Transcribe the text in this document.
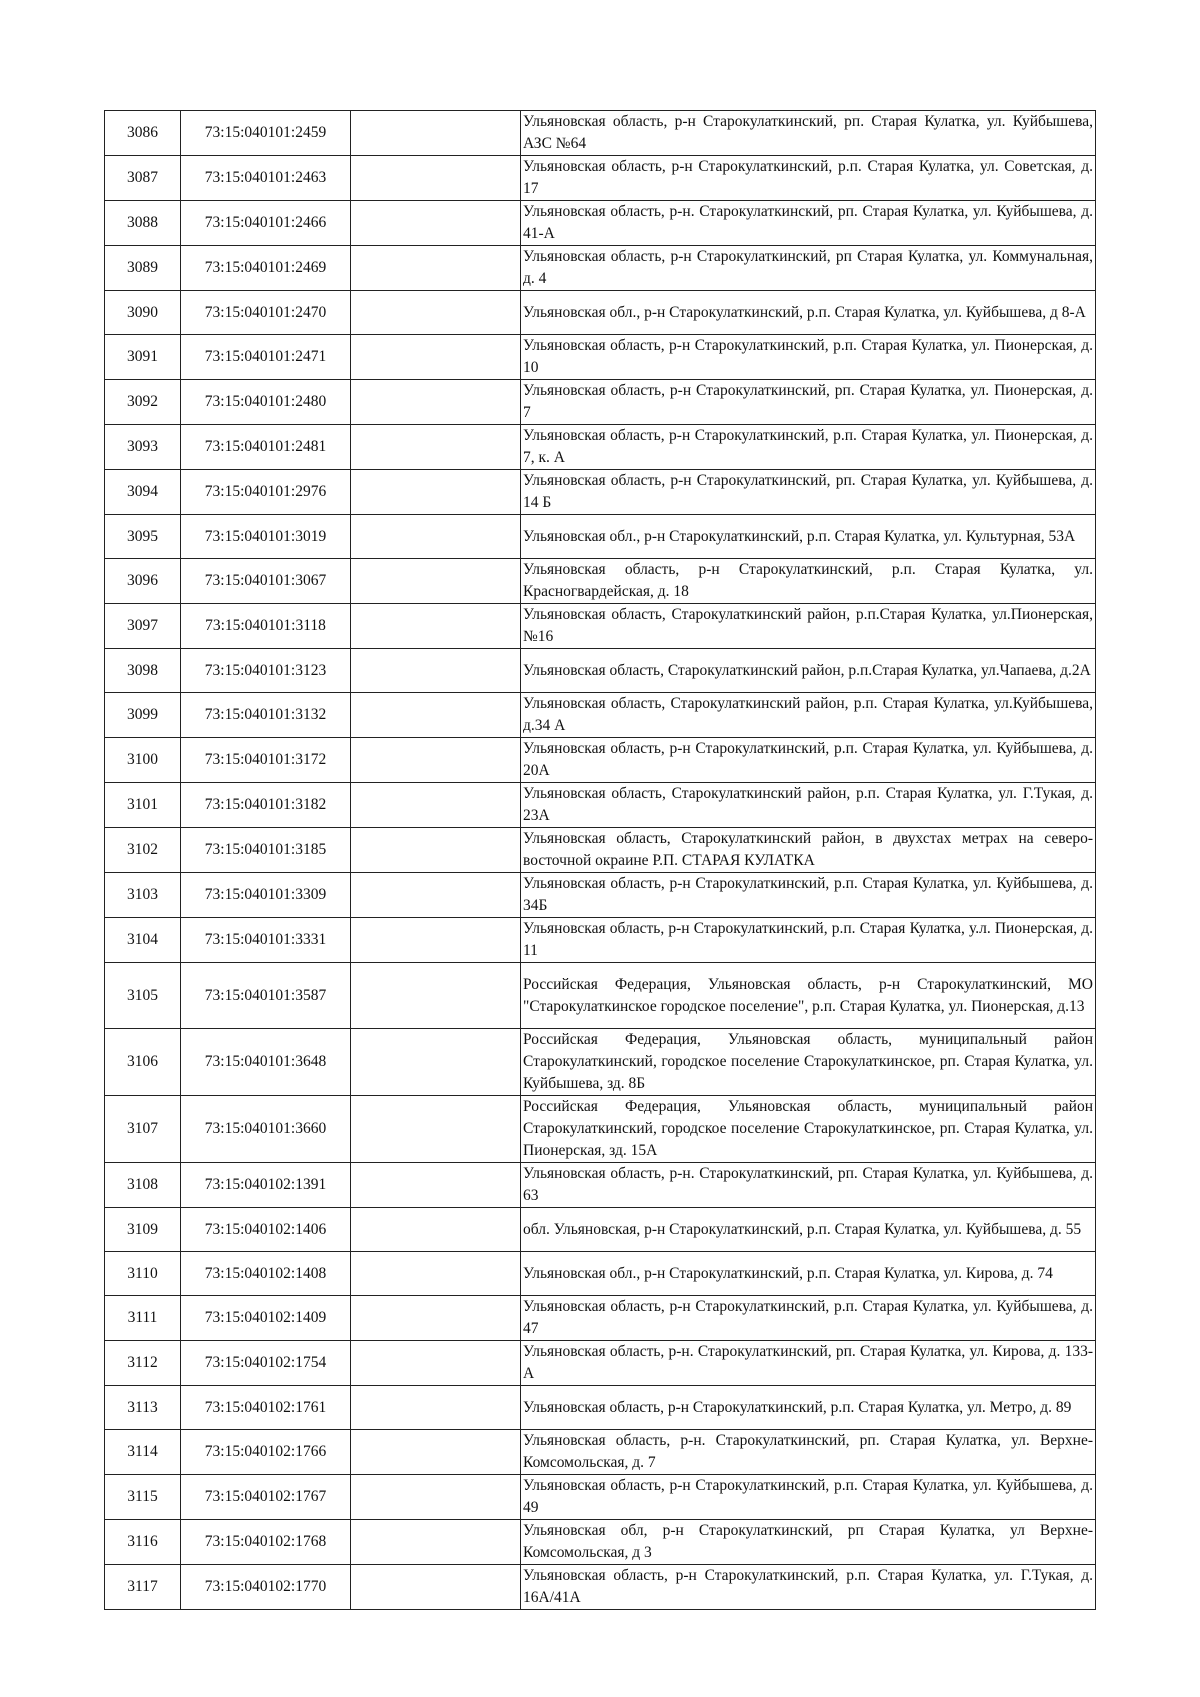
3086	73:15:040101:2459		Ульяновская область, р-н Старокулаткинский, рп. Старая Кулатка, ул. Куйбышева, АЗС №64
3087	73:15:040101:2463		Ульяновская область, р-н Старокулаткинский, р.п. Старая Кулатка, ул. Советская, д. 17
3088	73:15:040101:2466		Ульяновская область, р-н. Старокулаткинский, рп. Старая Кулатка, ул. Куйбышева, д. 41-А
3089	73:15:040101:2469		Ульяновская область, р-н Старокулаткинский, рп Старая Кулатка, ул. Коммунальная, д. 4
3090	73:15:040101:2470		Ульяновская обл., р-н Старокулаткинский, р.п. Старая Кулатка, ул. Куйбышева, д 8-А
3091	73:15:040101:2471		Ульяновская область, р-н Старокулаткинский, р.п. Старая Кулатка, ул. Пионерская, д. 10
3092	73:15:040101:2480		Ульяновская область, р-н Старокулаткинский, рп. Старая Кулатка, ул. Пионерская, д. 7
3093	73:15:040101:2481		Ульяновская область, р-н Старокулаткинский, р.п. Старая Кулатка, ул. Пионерская, д. 7, к. А
3094	73:15:040101:2976		Ульяновская область, р-н Старокулаткинский, рп. Старая Кулатка, ул. Куйбышева, д. 14 Б
3095	73:15:040101:3019		Ульяновская обл., р-н Старокулаткинский, р.п. Старая Кулатка, ул. Культурная, 53А
3096	73:15:040101:3067		Ульяновская область, р-н Старокулаткинский, р.п. Старая Кулатка, ул. Красногвардейская, д. 18
3097	73:15:040101:3118		Ульяновская область, Старокулаткинский район, р.п.Старая Кулатка, ул.Пионерская, №16
3098	73:15:040101:3123		Ульяновская область, Старокулаткинский район, р.п.Старая Кулатка, ул.Чапаева, д.2А
3099	73:15:040101:3132		Ульяновская область, Старокулаткинский район, р.п. Старая Кулатка, ул.Куйбышева, д.34 А
3100	73:15:040101:3172		Ульяновская область, р-н Старокулаткинский, р.п. Старая Кулатка, ул. Куйбышева, д. 20А
3101	73:15:040101:3182		Ульяновская область, Старокулаткинский район, р.п. Старая Кулатка, ул. Г.Тукая, д. 23А
3102	73:15:040101:3185		Ульяновская область, Старокулаткинский район, в двухстах метрах на северо-восточной окраине Р.П. СТАРАЯ КУЛАТКА
3103	73:15:040101:3309		Ульяновская область, р-н Старокулаткинский, р.п. Старая Кулатка, ул. Куйбышева, д. 34Б
3104	73:15:040101:3331		Ульяновская область, р-н Старокулаткинский, р.п. Старая Кулатка, у.л. Пионерская, д. 11
3105	73:15:040101:3587		Российская Федерация, Ульяновская область, р-н Старокулаткинский, МО "Старокулаткинское городское поселение", р.п. Старая Кулатка, ул. Пионерская, д.13
3106	73:15:040101:3648		Российская Федерация, Ульяновская область, муниципальный район Старокулаткинский, городское поселение Старокулаткинское, рп. Старая Кулатка, ул. Куйбышева, зд. 8Б
3107	73:15:040101:3660		Российская Федерация, Ульяновская область, муниципальный район Старокулаткинский, городское поселение Старокулаткинское, рп. Старая Кулатка, ул. Пионерская, зд. 15А
3108	73:15:040102:1391		Ульяновская область, р-н. Старокулаткинский, рп. Старая Кулатка, ул. Куйбышева, д. 63
3109	73:15:040102:1406		обл. Ульяновская, р-н Старокулаткинский, р.п. Старая Кулатка, ул. Куйбышева, д. 55
3110	73:15:040102:1408		Ульяновская обл., р-н Старокулаткинский, р.п. Старая Кулатка, ул. Кирова, д. 74
3111	73:15:040102:1409		Ульяновская область, р-н Старокулаткинский, р.п. Старая Кулатка, ул. Куйбышева, д. 47
3112	73:15:040102:1754		Ульяновская область, р-н. Старокулаткинский, рп. Старая Кулатка, ул. Кирова, д. 133-А
3113	73:15:040102:1761		Ульяновская область, р-н Старокулаткинский, р.п. Старая Кулатка, ул. Метро, д. 89
3114	73:15:040102:1766		Ульяновская область, р-н. Старокулаткинский, рп. Старая Кулатка, ул. Верхне-Комсомольская, д. 7
3115	73:15:040102:1767		Ульяновская область, р-н Старокулаткинский, р.п. Старая Кулатка, ул. Куйбышева, д. 49
3116	73:15:040102:1768		Ульяновская обл, р-н Старокулаткинский, рп Старая Кулатка, ул Верхне-Комсомольская, д 3
3117	73:15:040102:1770		Ульяновская область, р-н Старокулаткинский, р.п. Старая Кулатка, ул. Г.Тукая, д. 16А/41А
